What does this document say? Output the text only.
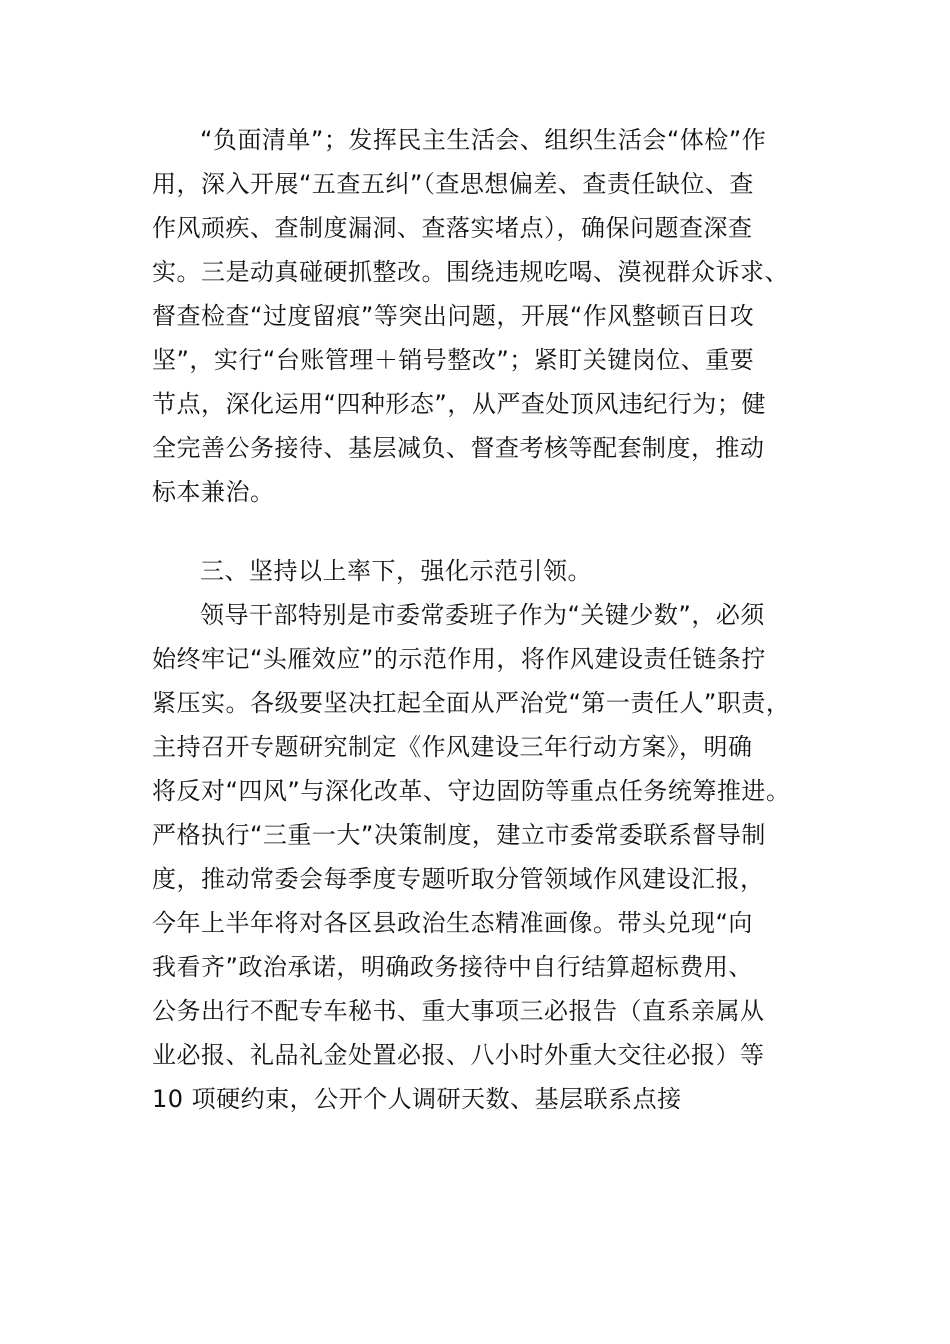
“负面清单”；发挥民主生活会、组织生活会“体检”作
用，深入开展“五查五纠”（查思想偏差、查责任缺位、查
作风顽疾、查制度漏洞、查落实堵点），确保问题查深查
实。三是动真碰硬抓整改。围绕违规吃喝、漠视群众诉求、
督查检查“过度留痕”等突出问题，开展“作风整顿百日攻
坚”，实行“台账管理＋销号整改”；紧盯关键岗位、重要
节点，深化运用“四种形态”，从严查处顶风违纪行为；健
全完善公务接待、基层减负、督查考核等配套制度，推动
标本兼治。
三、坚持以上率下，强化示范引领。
领导干部特别是市委常委班子作为“关键少数”，必须
始终牢记“头雁效应”的示范作用，将作风建设责任链条拧
紧压实。各级要坚决扛起全面从严治党“第一责任人”职责，
主持召开专题研究制定《作风建设三年行动方案》，明确
将反对“四风”与深化改革、守边固防等重点任务统筹推进。
严格执行“三重一大”决策制度，建立市委常委联系督导制
度，推动常委会每季度专题听取分管领域作风建设汇报，
今年上半年将对各区县政治生态精准画像。带头兑现“向
我看齐”政治承诺，明确政务接待中自行结算超标费用、
公务出行不配专车秘书、重大事项三必报告（直系亲属从
业必报、礼品礼金处置必报、八小时外重大交往必报）等
10 项硬约束，公开个人调研天数、基层联系点接
